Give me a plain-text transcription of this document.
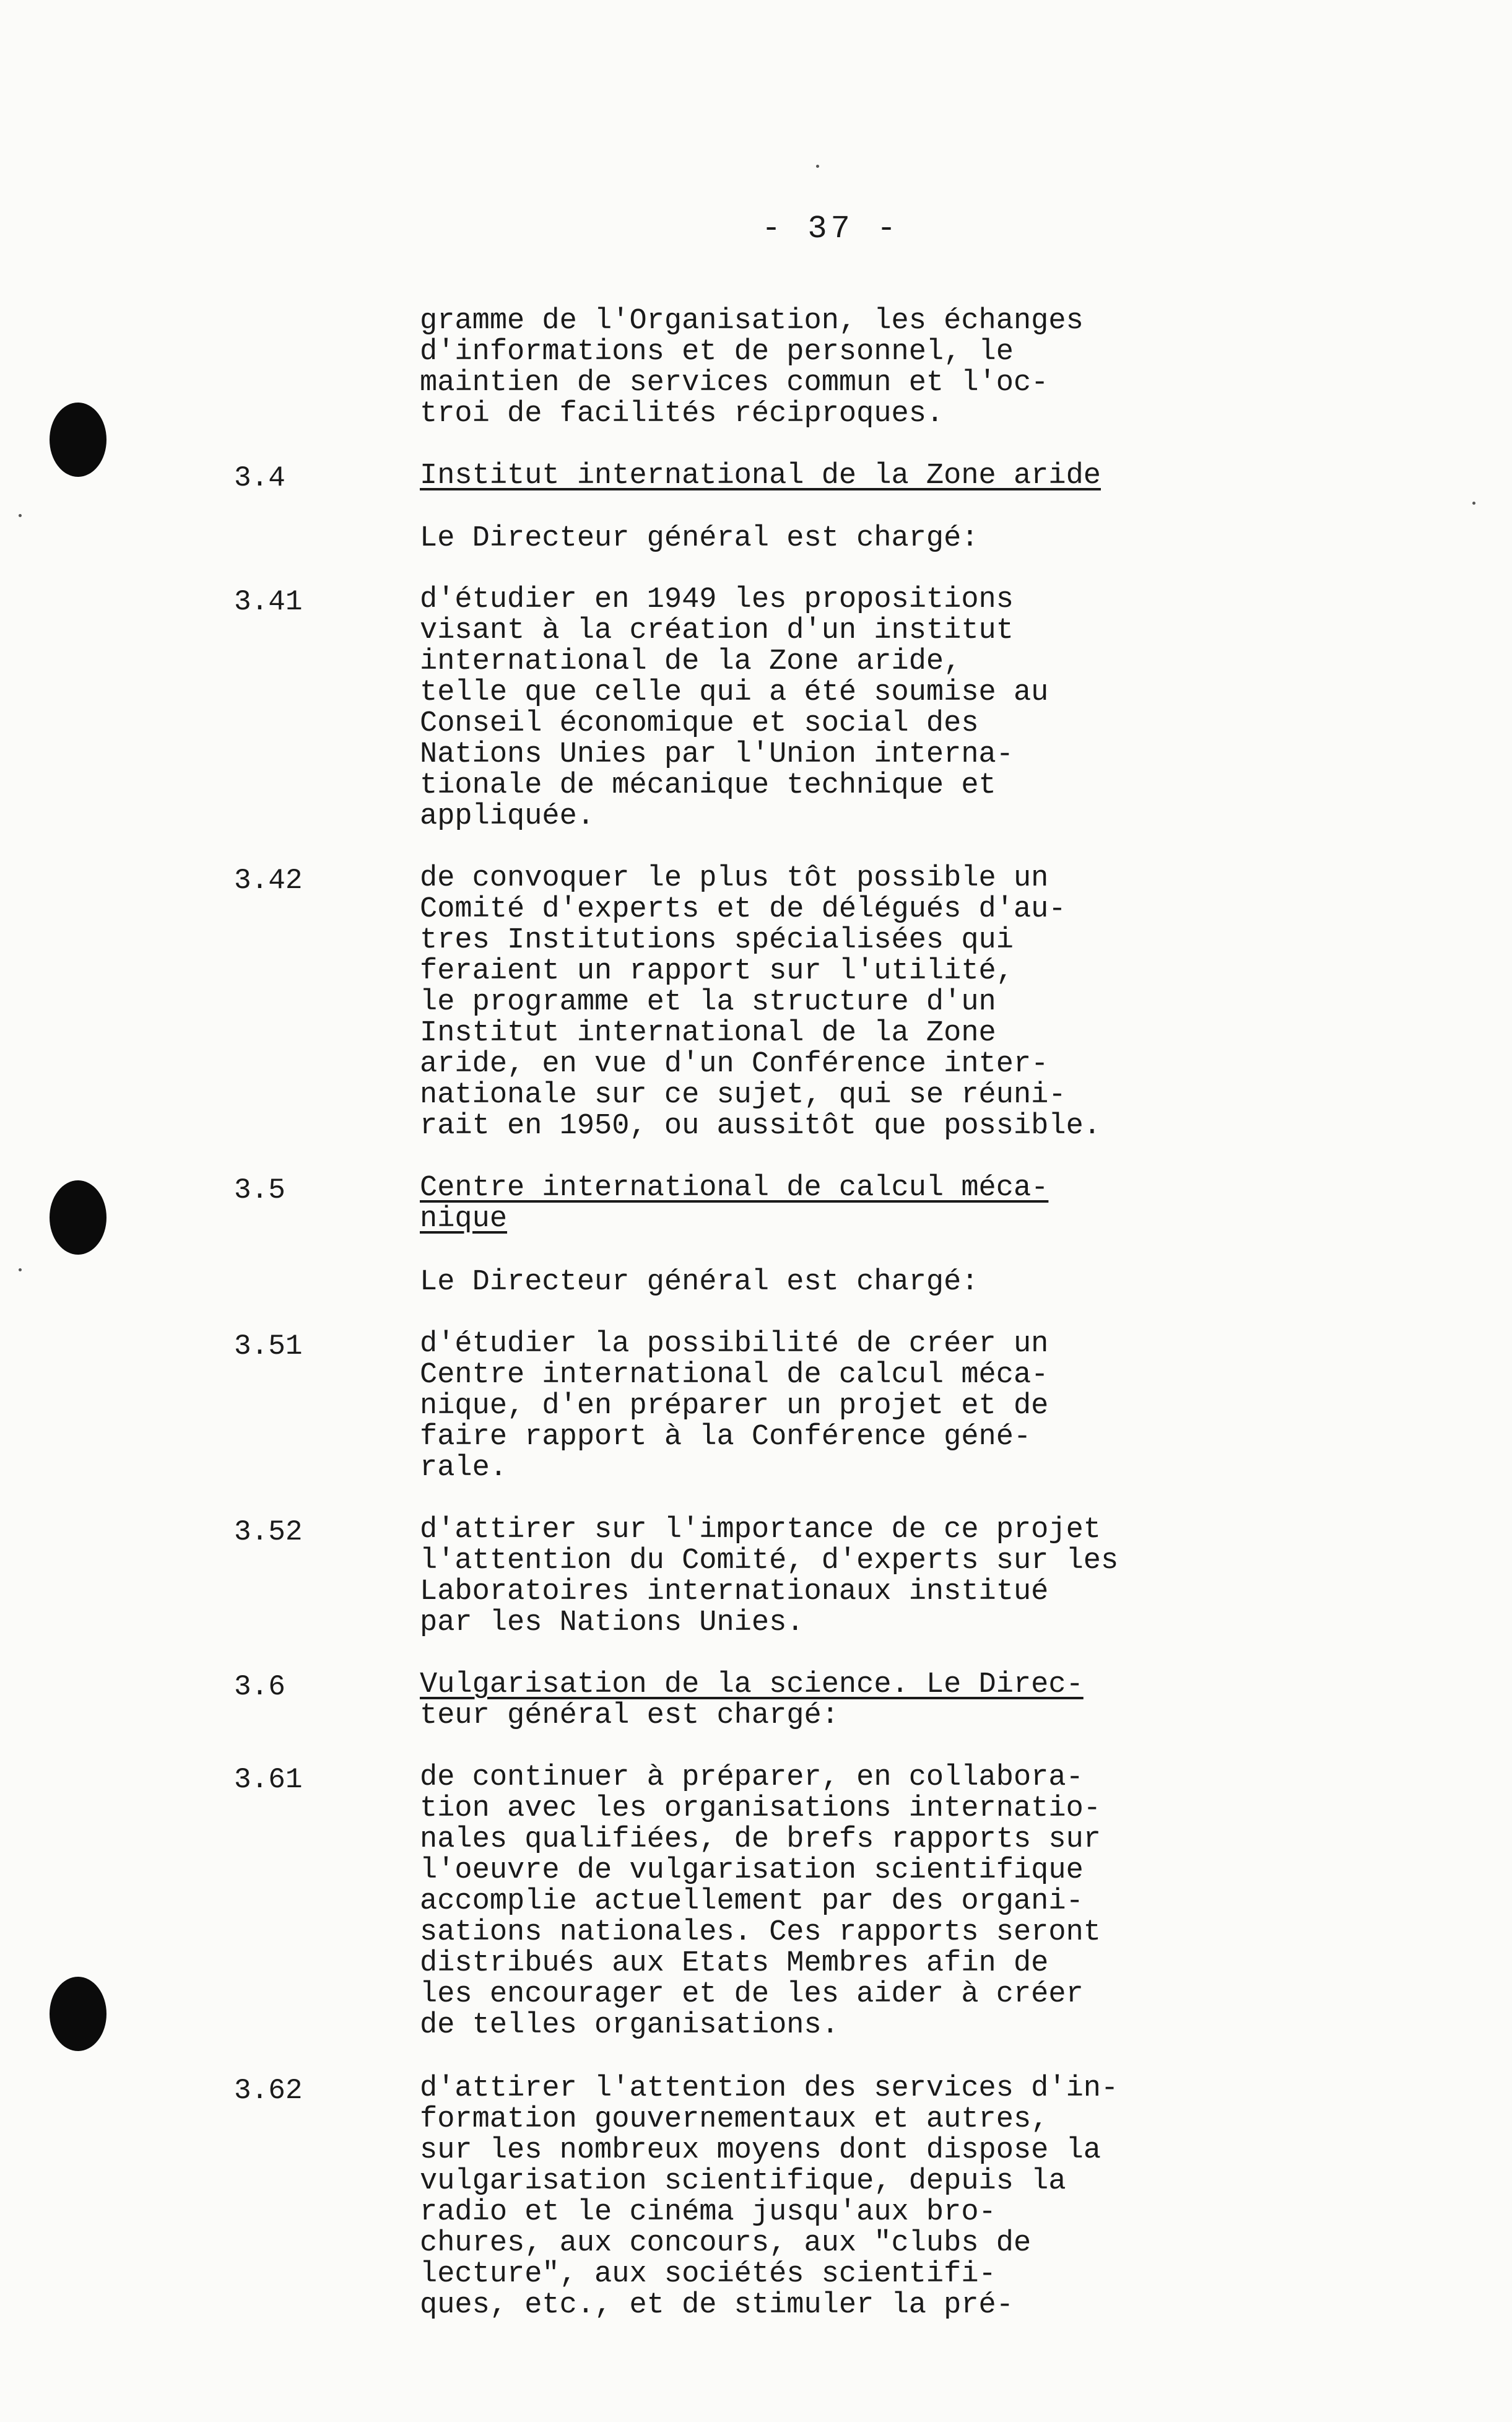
- 37 -
gramme de l'Organisation, les échanges
d'informations et de personnel, le
maintien de services commun et l'oc-
troi de facilités réciproques.
3.4	Institut international de la Zone aride
Le Directeur général est chargé:
3.41	d'étudier en 1949 les propositions
visant à la création d'un institut
international de la Zone aride,
telle que celle qui a été soumise au
Conseil économique et social des
Nations Unies par l'Union interna-
tionale de mécanique technique et
appliquée.
3.42	de convoquer le plus tôt possible un
Comité d'experts et de délégués d'au-
tres Institutions spécialisées qui
feraient un rapport sur l'utilité,
le programme et la structure d'un
Institut international de la Zone
aride, en vue d'un Conférence inter-
nationale sur ce sujet, qui se réuni-
rait en 1950, ou aussitôt que possible.
3.5	Centre international de calcul méca-
nique
Le Directeur général est chargé:
3.51	d'étudier la possibilité de créer un
Centre international de calcul méca-
nique, d'en préparer un projet et de
faire rapport à la Conférence géné-
rale.
3.52	d'attirer sur l'importance de ce projet
l'attention du Comité, d'experts sur les
Laboratoires internationaux institué
par les Nations Unies.
3.6	Vulgarisation de la science. Le Direc-
teur général est chargé:
3.61	de continuer à préparer, en collabora-
tion avec les organisations internatio-
nales qualifiées, de brefs rapports sur
l'oeuvre de vulgarisation scientifique
accomplie actuellement par des organi-
sations nationales. Ces rapports seront
distribués aux Etats Membres afin de
les encourager et de les aider à créer
de telles organisations.
3.62	d'attirer l'attention des services d'in-
formation gouvernementaux et autres,
sur les nombreux moyens dont dispose la
vulgarisation scientifique, depuis la
radio et le cinéma jusqu'aux bro-
chures, aux concours, aux "clubs de
lecture", aux sociétés scientifi-
ques, etc., et de stimuler la pré-
